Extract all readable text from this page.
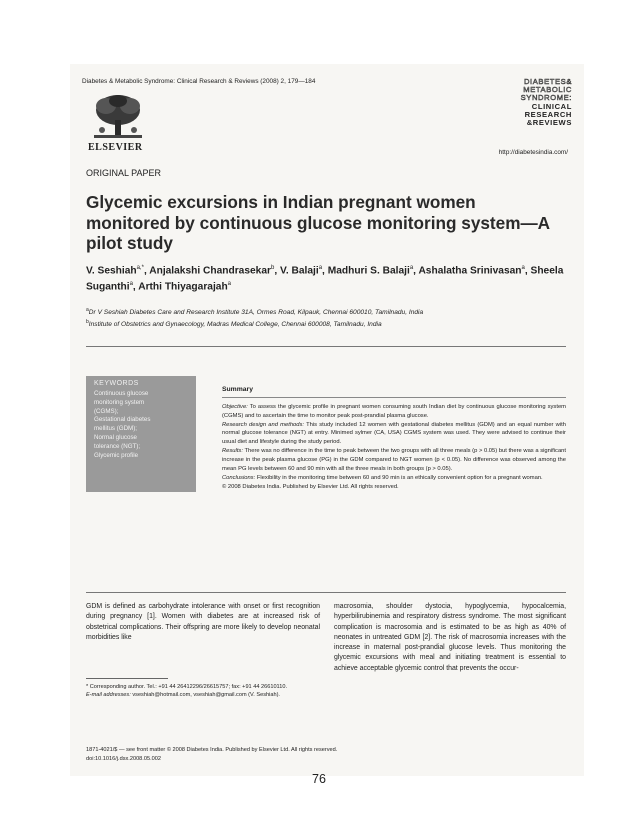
Diabetes & Metabolic Syndrome: Clinical Research & Reviews (2008) 2, 179—184
ELSEVIER
DIABETES&
METABOLIC
SYNDROME:
CLINICAL
RESEARCH
&REVIEWS
http://diabetesindia.com/
ORIGINAL PAPER
Glycemic excursions in Indian pregnant women monitored by continuous glucose monitoring system—A pilot study
V. Seshiah$^{a,*}$, Anjalakshi Chandrasekar$^b$, V. Balaji$^a$, Madhuri S. Balaji$^a$, Ashalatha Srinivasan$^a$, Sheela Suganthi$^a$, Arthi Thiyagarajah$^a$
$^a$Dr V Seshiah Diabetes Care and Research Institute 31A, Ormes Road, Kilpauk, Chennai 600010, Tamilnadu, India
$^b$Institute of Obstetrics and Gynaecology, Madras Medical College, Chennai 600008, Tamilnadu, India
KEYWORDS
Continuous glucose
monitoring system
(CGMS);
Gestational diabetes
mellitus (GDM);
Normal glucose
tolerance (NGT);
Glycemic profile
Summary

Objective: To assess the glycemic profile in pregnant women consuming south Indian diet by continuous glucose monitoring system (CGMS) and to ascertain the time to monitor peak post-prandial plasma glucose.

Research design and methods: This study included 12 women with gestational diabetes mellitus (GDM) and an equal number with normal glucose tolerance (NGT) at entry. Minimed sylmer (CA, USA) CGMS system was used. They were advised to continue their usual diet and lifestyle during the study period.

Results: There was no difference in the time to peak between the two groups with all three meals (p > 0.05) but there was a significant increase in the peak plasma glucose (PG) in the GDM compared to NGT women (p < 0.05). No difference was observed among the mean PG levels between 60 and 90 min with all the three meals in both groups (p > 0.05).

Conclusions: Flexibility in the monitoring time between 60 and 90 min is an ethically convenient option for a pregnant woman.

© 2008 Diabetes India. Published by Elsevier Ltd. All rights reserved.

GDM is defined as carbohydrate intolerance with onset or first recognition during pregnancy [1]. Women with diabetes are at increased risk of obstetrical complications. Their offspring are more likely to develop neonatal morbidities like

macrosomia, shoulder dystocia, hypoglycemia, hypocalcemia, hyperbilirubinemia and respiratory distress syndrome. The most significant complication is macrosomia and is estimated to be as high as 40% of neonates in untreated GDM [2]. The risk of macrosomia increases with the increase in maternal post-prandial glucose levels. Thus monitoring the glycemic excursions with meal and initiating treatment is essential to achieve acceptable glycemic control that prevents the occur-

* Corresponding author. Tel.: +91 44 26412296/26615757; fax: +91 44 26610110.
E-mail addresses: vseshiah@hotmail.com, vseshiah@gmail.com (V. Seshiah).
1871-4021/$ — see front matter © 2008 Diabetes India. Published by Elsevier Ltd. All rights reserved.
doi:10.1016/j.dsx.2008.05.002
76
